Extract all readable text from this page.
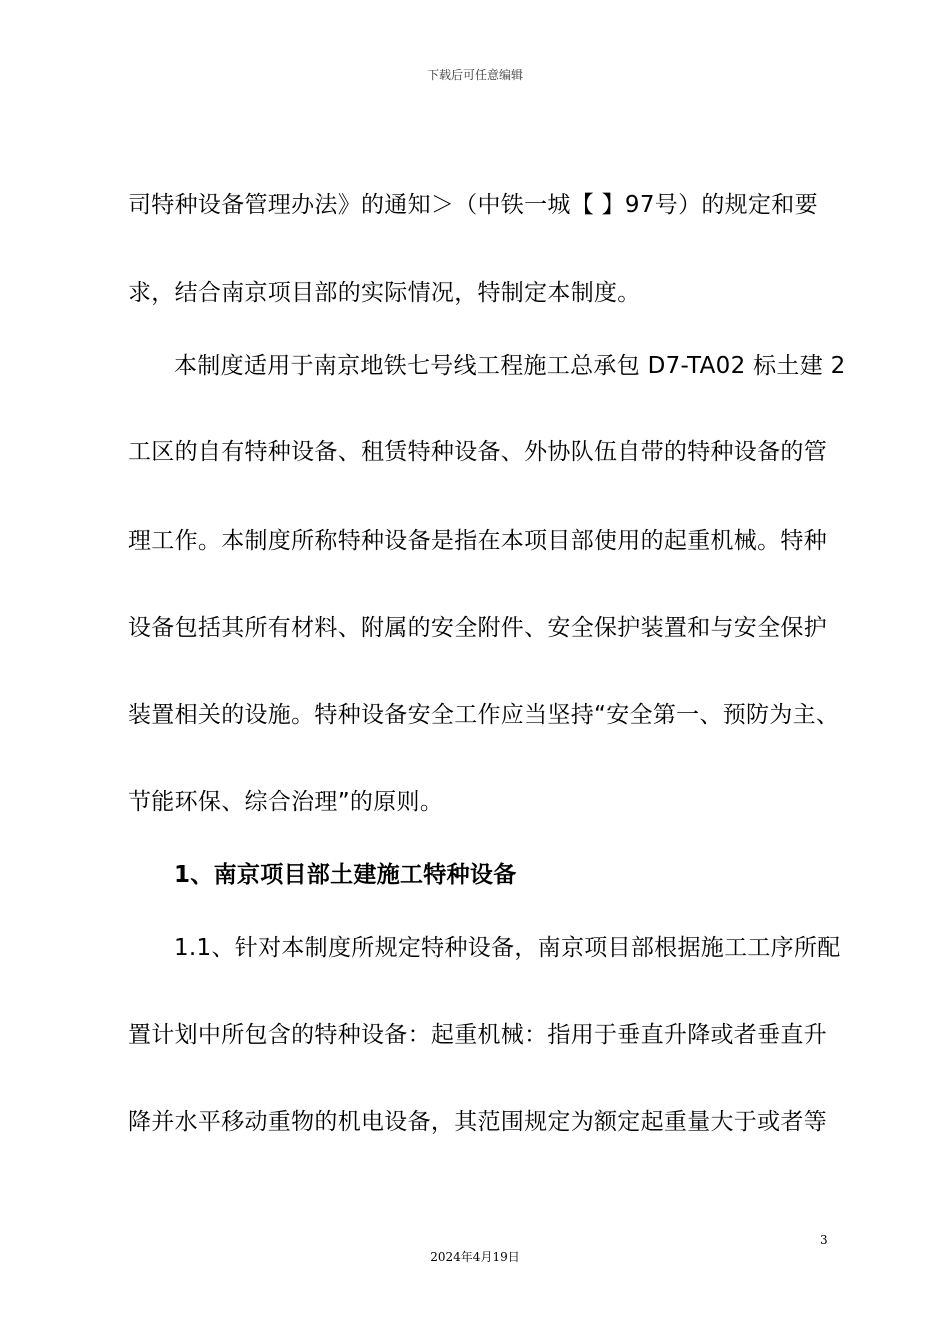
下载后可任意编辑
司特种设备管理办法》的通知＞（中铁一城【 】97号）的规定和要
求，结合南京项目部的实际情况，特制定本制度。
本制度适用于南京地铁七号线工程施工总承包 D7-TA02 标土建 2
工区的自有特种设备、租赁特种设备、外协队伍自带的特种设备的管
理工作。本制度所称特种设备是指在本项目部使用的起重机械。特种
设备包括其所有材料、附属的安全附件、安全保护装置和与安全保护
装置相关的设施。特种设备安全工作应当坚持“安全第一、预防为主、
节能环保、综合治理”的原则。
1、南京项目部土建施工特种设备
1.1、针对本制度所规定特种设备，南京项目部根据施工工序所配
置计划中所包含的特种设备：起重机械：指用于垂直升降或者垂直升
降并水平移动重物的机电设备，其范围规定为额定起重量大于或者等
3
2024年4月19日
